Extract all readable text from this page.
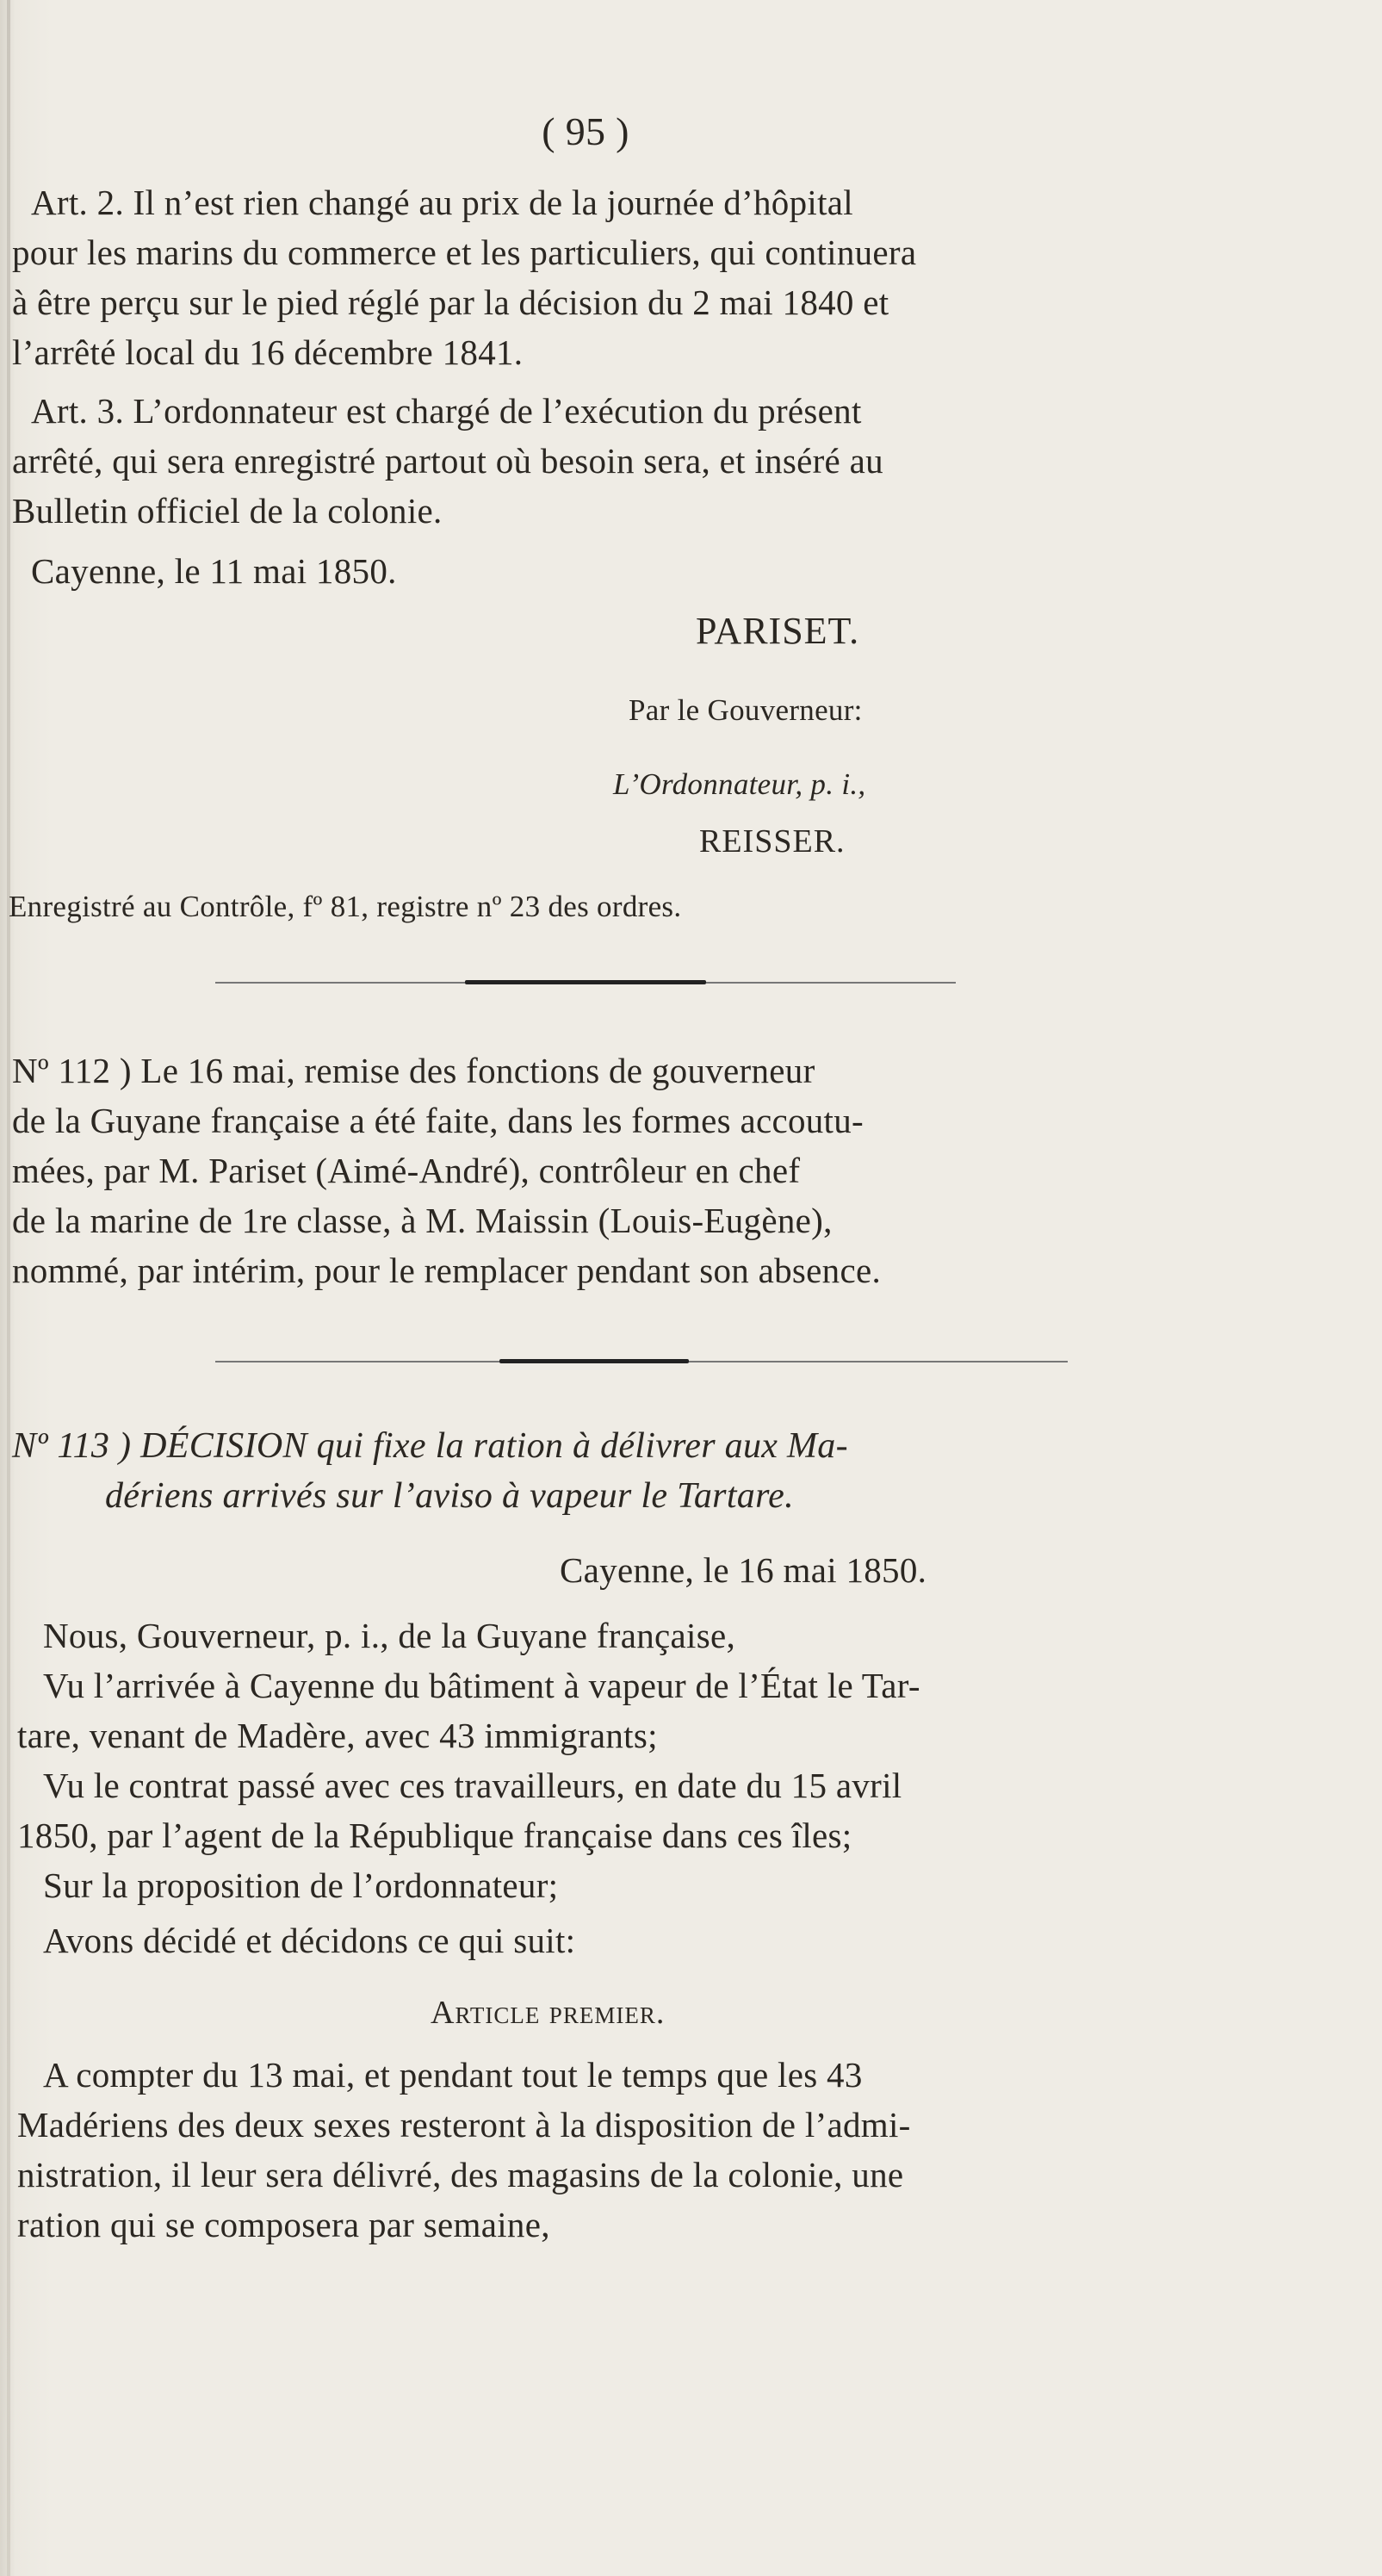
( 95 )
Art. 2. Il n’est rien changé au prix de la journée d’hôpital
pour les marins du commerce et les particuliers, qui continuera
à être perçu sur le pied réglé par la décision du 2 mai 1840 et
l’arrêté local du 16 décembre 1841.
Art. 3. L’ordonnateur est chargé de l’exécution du présent
arrêté, qui sera enregistré partout où besoin sera, et inséré au
Bulletin officiel de la colonie.
Cayenne, le 11 mai 1850.
PARISET.
Par le Gouverneur:
L’Ordonnateur, p. i.,
REISSER.
Enregistré au Contrôle, fº 81, registre nº 23 des ordres.
Nº 112 ) Le 16 mai, remise des fonctions de gouverneur
de la Guyane française a été faite, dans les formes accoutu-
mées, par M. Pariset (Aimé-André), contrôleur en chef
de la marine de 1re classe, à M. Maissin (Louis-Eugène),
nommé, par intérim, pour le remplacer pendant son absence.
Nº 113 ) DÉCISION qui fixe la ration à délivrer aux Ma-
dériens arrivés sur l’aviso à vapeur le Tartare.
Cayenne, le 16 mai 1850.
Nous, Gouverneur, p. i., de la Guyane française,
Vu l’arrivée à Cayenne du bâtiment à vapeur de l’État le Tar-
tare, venant de Madère, avec 43 immigrants;
Vu le contrat passé avec ces travailleurs, en date du 15 avril
1850, par l’agent de la République française dans ces îles;
Sur la proposition de l’ordonnateur;
Avons décidé et décidons ce qui suit:
Article premier.
A compter du 13 mai, et pendant tout le temps que les 43
Madériens des deux sexes resteront à la disposition de l’admi-
nistration, il leur sera délivré, des magasins de la colonie, une
ration qui se composera par semaine,
